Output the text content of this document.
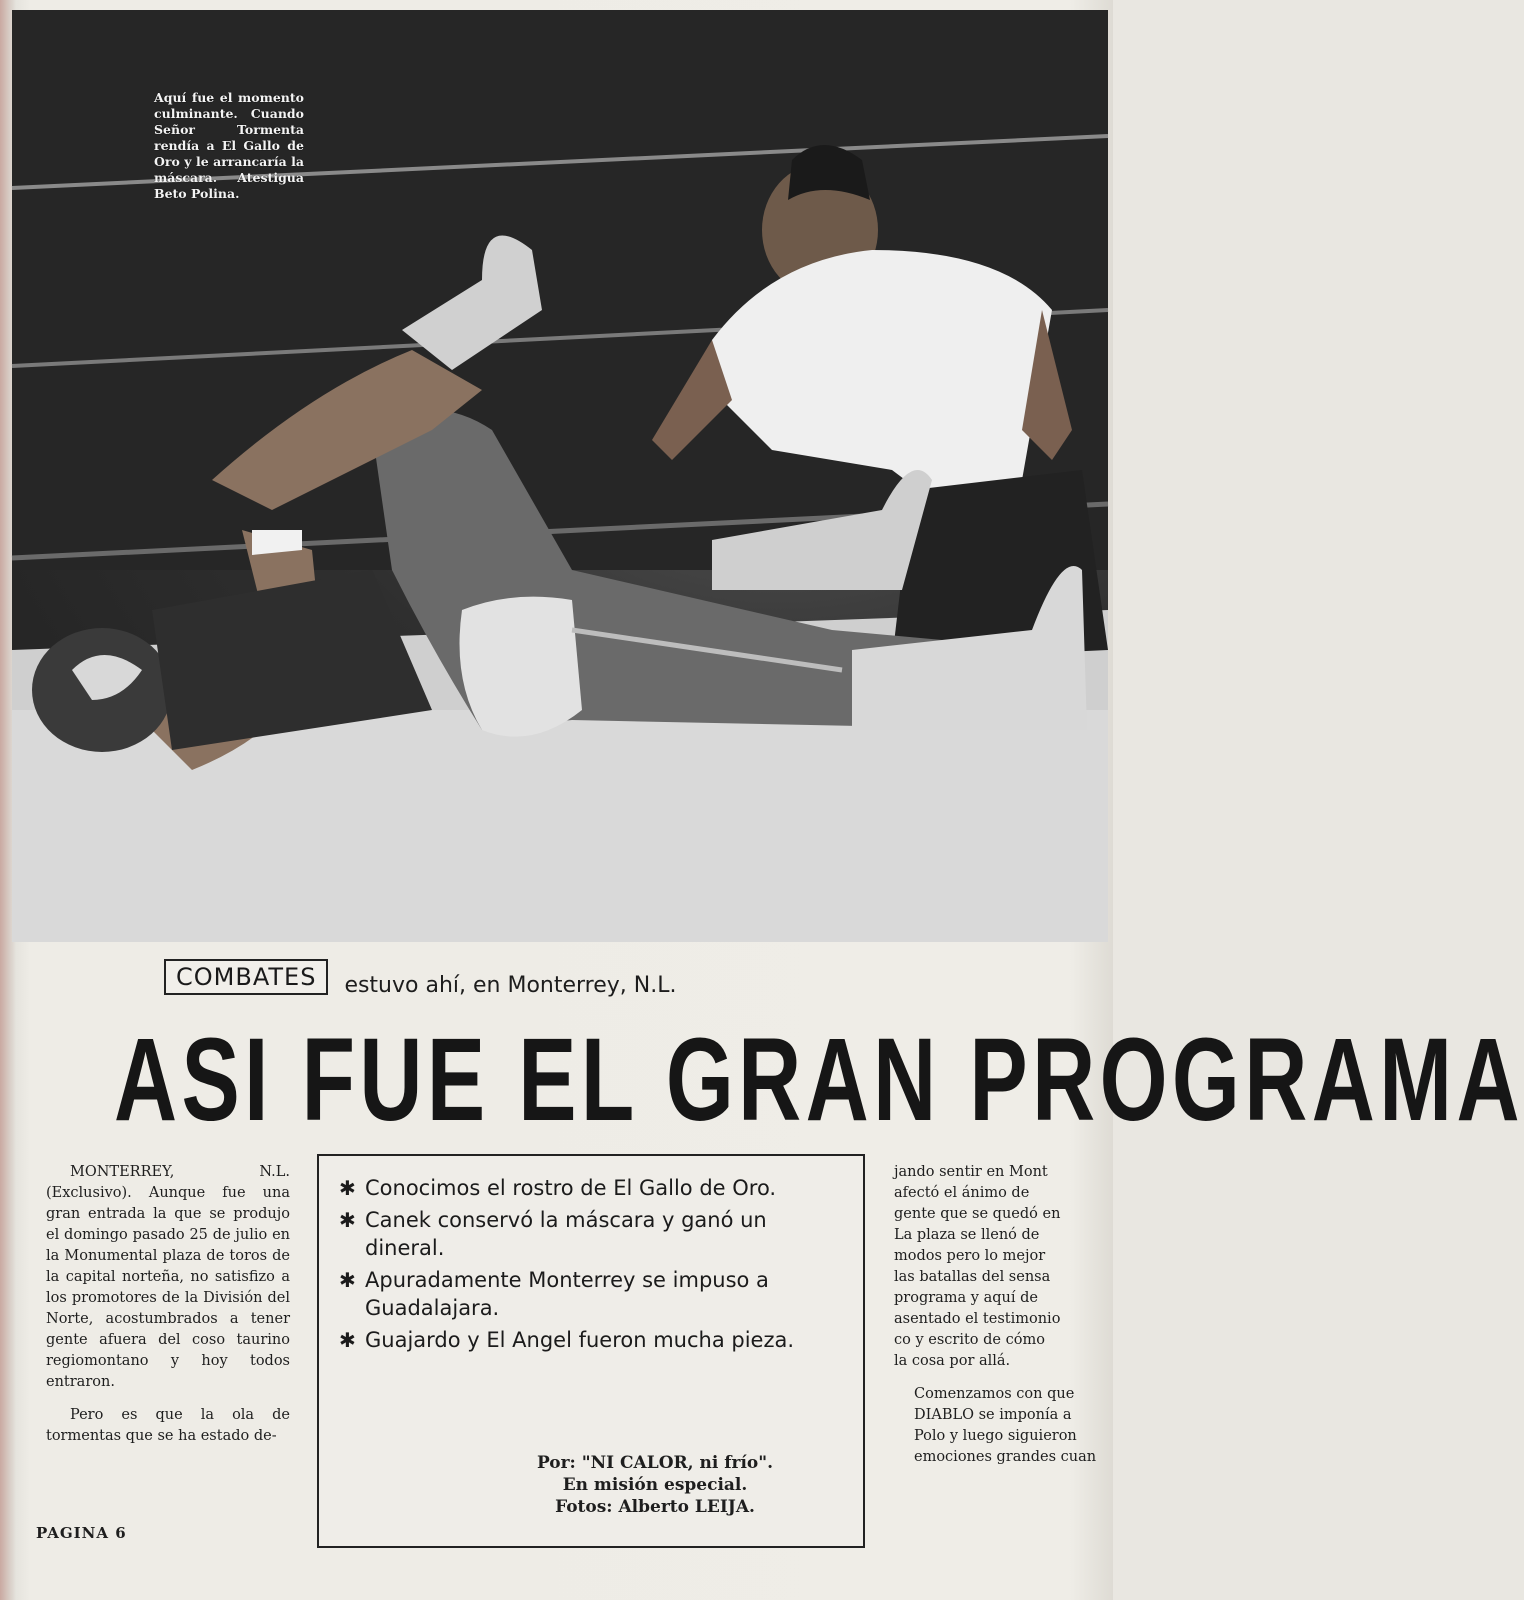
Aquí fue el momento culminante. Cuando Señor Tormenta rendía a El Gallo de Oro y le arrancaría la máscara. Atestigua Beto Polina.
COMBATES	estuvo ahí, en Monterrey, N.L.
ASI FUE EL GRAN PROGRAMA

MONTERREY, N.L. (Exclusivo). Aunque fue una gran entrada la que se produjo el domingo pasado 25 de julio en la Monumental plaza de toros de la capital norteña, no satisfizo a los promotores de la División del Norte, acostumbrados a tener gente afuera del coso taurino regiomontano y hoy todos entraron.

Pero es que la ola de tormentas que se ha estado de-

✱ Conocimos el rostro de El Gallo de Oro.
✱ Canek conservó la máscara y ganó un dineral.
✱ Apuradamente Monterrey se impuso a Guadalajara.
✱ Guajardo y El Angel fueron mucha pieza.
Por: "NI CALOR, ni frío".
En misión especial.
Fotos: Alberto LEIJA.

jando sentir en Mont
afectó el ánimo de
gente que se quedó en
La plaza se llenó de
modos pero lo mejor
las batallas del sensa
programa y aquí de
asentado el testimonio
co y escrito de cómo
la cosa por allá.

Comenzamos con que
DIABLO se imponía a
Polo y luego siguieron
emociones grandes cuan

PAGINA 6
